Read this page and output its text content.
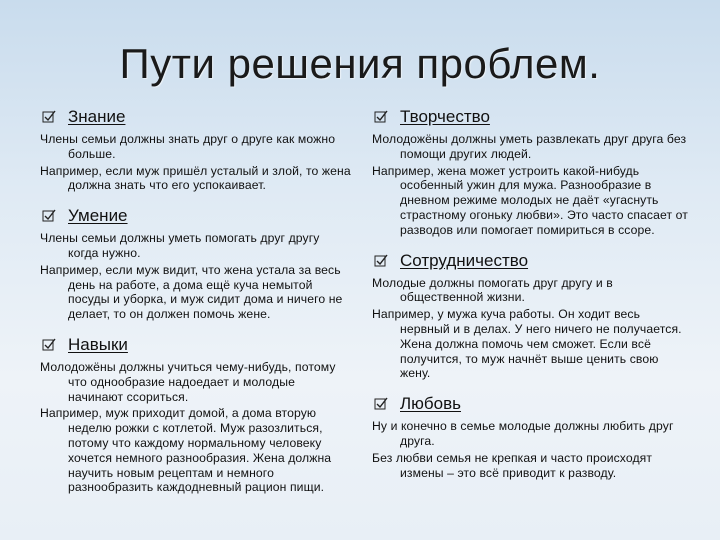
Пути решения проблем.
Знание

Члены семьи должны знать друг о друге как можно больше.

Например, если муж пришёл усталый и злой, то жена должна знать что его успокаивает.

Умение

Члены семьи должны уметь помогать друг другу когда нужно.

Например, если муж видит, что жена устала за весь день на работе, а дома ещё куча немытой посуды и уборка, и муж сидит дома и ничего не делает, то он должен помочь жене.

Навыки

Молодожёны должны учиться чему-нибудь, потому что однообразие надоедает и молодые начинают ссориться.

Например, муж приходит домой, а дома вторую неделю рожки с котлетой. Муж разозлиться, потому что каждому нормальному человеку хочется немного разнообразия. Жена должна научить новым рецептам и немного разнообразить каждодневный рацион пищи.

Творчество

Молодожёны должны уметь развлекать друг друга без помощи других людей.

Например, жена может устроить какой-нибудь особенный ужин для мужа. Разнообразие в дневном режиме молодых не даёт «угаснуть страстному огоньку любви». Это часто спасает от разводов или помогает помириться в ссоре.

Сотрудничество

Молодые должны помогать друг другу и в общественной жизни.

Например, у мужа куча работы. Он ходит весь нервный и в делах. У него ничего не получается. Жена должна помочь чем сможет. Если всё получится, то муж начнёт выше ценить свою жену.

Любовь

Ну и конечно в семье молодые должны любить друг друга.

Без любви семья не крепкая и часто происходят измены – это всё приводит к разводу.
